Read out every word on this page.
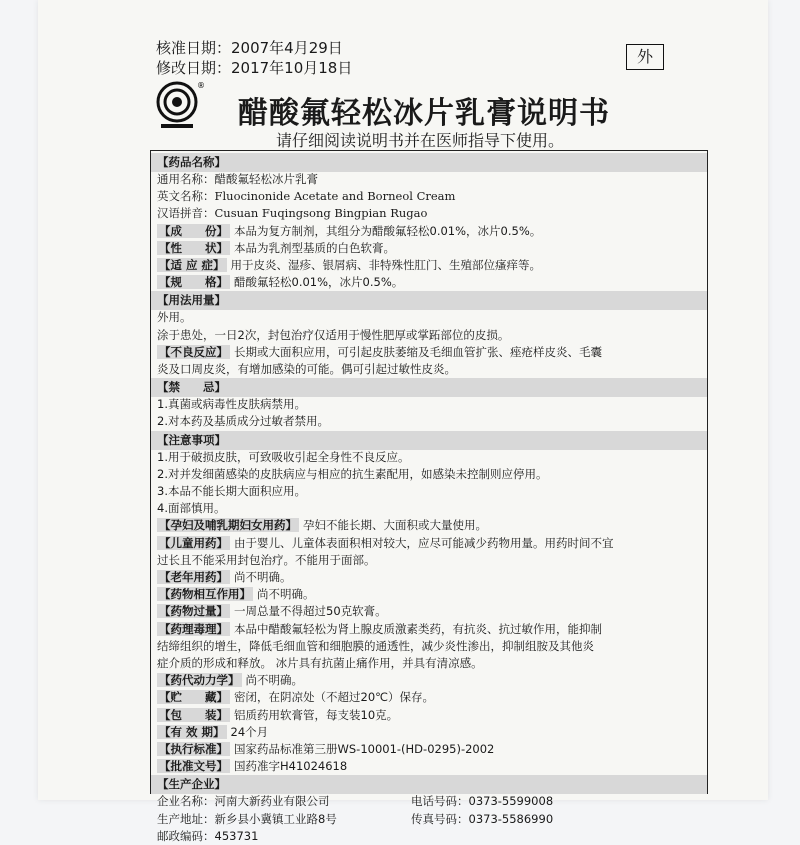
核准日期：2007年4月29日
修改日期：2017年10月18日
外
®
醋酸氟轻松冰片乳膏说明书
请仔细阅读说明书并在医师指导下使用。
【药品名称】
通用名称：醋酸氟轻松冰片乳膏
英文名称：Fluocinonide Acetate and Borneol Cream
汉语拼音：Cusuan Fuqingsong Bingpian Rugao
【成　　份】 本品为复方制剂，其组分为醋酸氟轻松0.01%，冰片0.5%。
【性　　状】 本品为乳剂型基质的白色软膏。
【适 应 症】 用于皮炎、湿疹、银屑病、非特殊性肛门、生殖部位瘙痒等。
【规　　格】 醋酸氟轻松0.01%，冰片0.5%。
【用法用量】
外用。
涂于患处，一日2次，封包治疗仅适用于慢性肥厚或掌跖部位的皮损。
【不良反应】 长期或大面积应用，可引起皮肤萎缩及毛细血管扩张、痤疮样皮炎、毛囊
炎及口周皮炎，有增加感染的可能。偶可引起过敏性皮炎。
【禁　　忌】
1.真菌或病毒性皮肤病禁用。
2.对本药及基质成分过敏者禁用。
【注意事项】
1.用于破损皮肤，可致吸收引起全身性不良反应。
2.对并发细菌感染的皮肤病应与相应的抗生素配用，如感染未控制则应停用。
3.本品不能长期大面积应用。
4.面部慎用。
【孕妇及哺乳期妇女用药】 孕妇不能长期、大面积或大量使用。
【儿童用药】 由于婴儿、儿童体表面积相对较大，应尽可能减少药物用量。用药时间不宜
过长且不能采用封包治疗。不能用于面部。
【老年用药】 尚不明确。
【药物相互作用】 尚不明确。
【药物过量】 一周总量不得超过50克软膏。
【药理毒理】 本品中醋酸氟轻松为肾上腺皮质激素类药，有抗炎、抗过敏作用，能抑制
结缔组织的增生，降低毛细血管和细胞膜的通透性，减少炎性渗出，抑制组胺及其他炎
症介质的形成和释放。 冰片具有抗菌止痛作用，并具有清凉感。
【药代动力学】 尚不明确。
【贮　　藏】 密闭，在阴凉处（不超过20℃）保存。
【包　　装】 铝质药用软膏管，每支装10克。
【有 效 期】 24个月
【执行标准】 国家药品标准第三册WS-10001-(HD-0295)-2002
【批准文号】 国药准字H41024618
【生产企业】
企业名称：河南大新药业有限公司	电话号码：0373-5599008
生产地址：新乡县小冀镇工业路8号	传真号码：0373-5586990
邮政编码：453731
